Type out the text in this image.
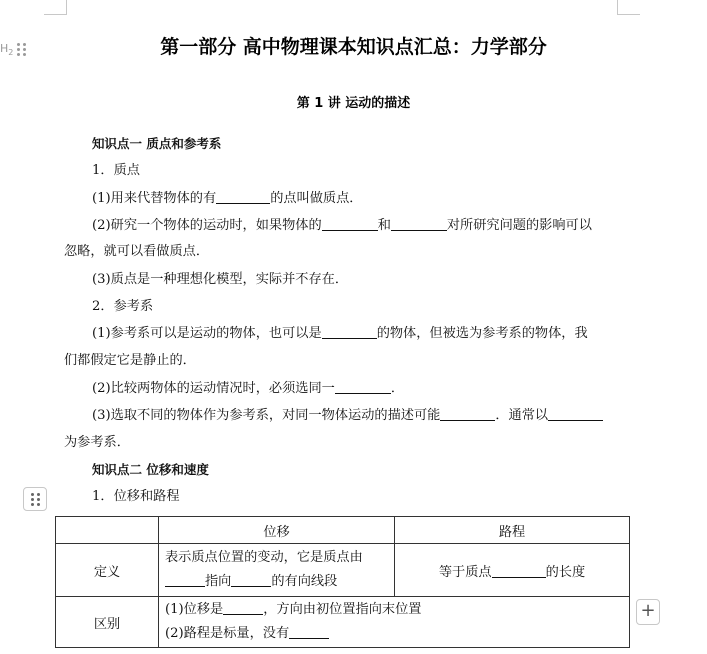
$H_2$	第一部分 高中物理课本知识点汇总：力学部分
第 1 讲 运动的描述
知识点一 质点和参考系
1．质点
(1)用来代替物体的有	的点叫做质点．
(2)研究一个物体的运动时，如果物体的	和	对所研究问题的影响可以
忽略，就可以看做质点．
(3)质点是一种理想化模型，实际并不存在．
2．参考系
(1)参考系可以是运动的物体，也可以是	的物体，但被选为参考系的物体，我
们都假定它是静止的．
(2)比较两物体的运动情况时，必须选同一	．
(3)选取不同的物体作为参考系，对同一物体运动的描述可能	．通常以
为参考系．
知识点二 位移和速度
1．位移和路程
	位移	路程
定义	表示质点位置的变动，它是质点由
指向 的有向线段	等于质点 的长度
区别	(1)位移是 ，方向由初位置指向末位置
(2)路程是标量，没有	
+
